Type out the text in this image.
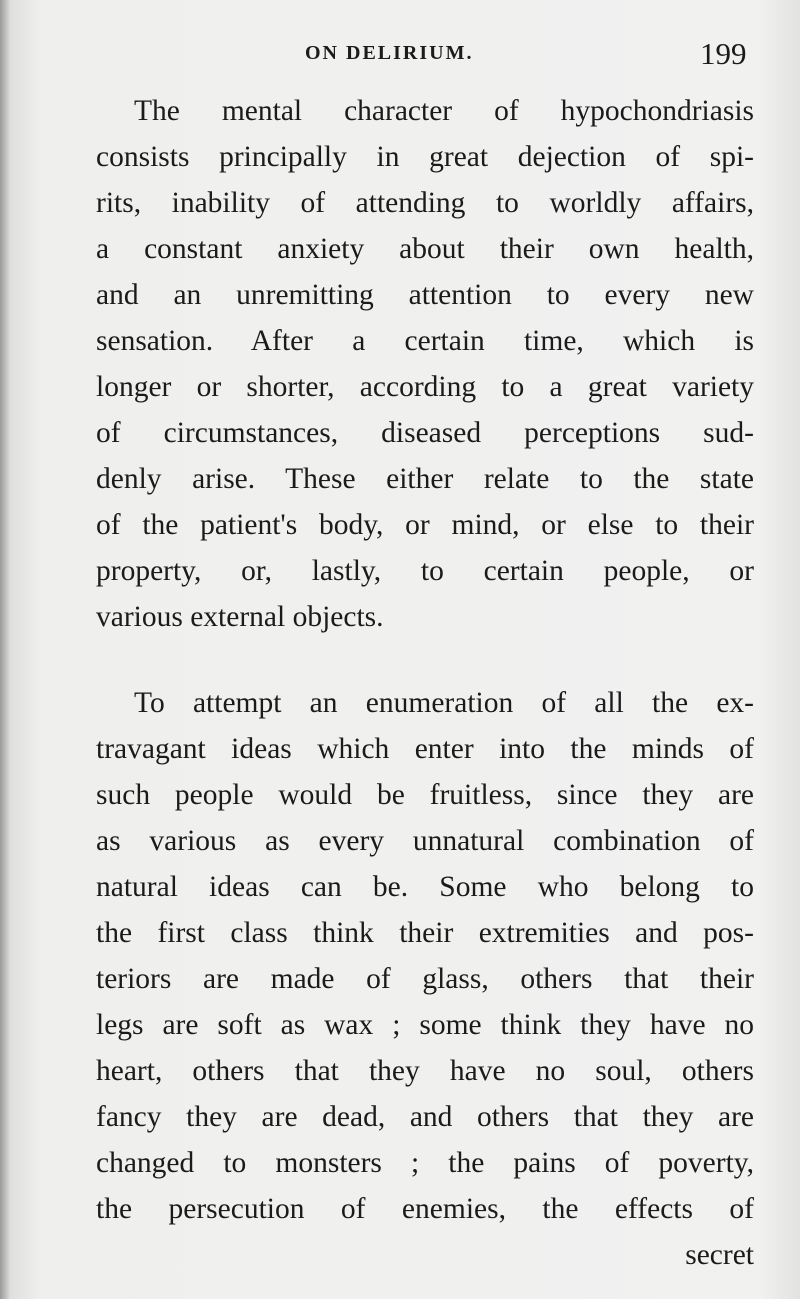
ON DELIRIUM.	199
The mental character of hypochondriasis
consists principally in great dejection of spi-
rits, inability of attending to worldly affairs,
a constant anxiety about their own health,
and an unremitting attention to every new
sensation. After a certain time, which is
longer or shorter, according to a great variety
of circumstances, diseased perceptions sud-
denly arise. These either relate to the state
of the patient's body, or mind, or else to their
property, or, lastly, to certain people, or
various external objects.
To attempt an enumeration of all the ex-
travagant ideas which enter into the minds of
such people would be fruitless, since they are
as various as every unnatural combination of
natural ideas can be. Some who belong to
the first class think their extremities and pos-
teriors are made of glass, others that their
legs are soft as wax ; some think they have no
heart, others that they have no soul, others
fancy they are dead, and others that they are
changed to monsters ; the pains of poverty,
the persecution of enemies, the effects of
secret
